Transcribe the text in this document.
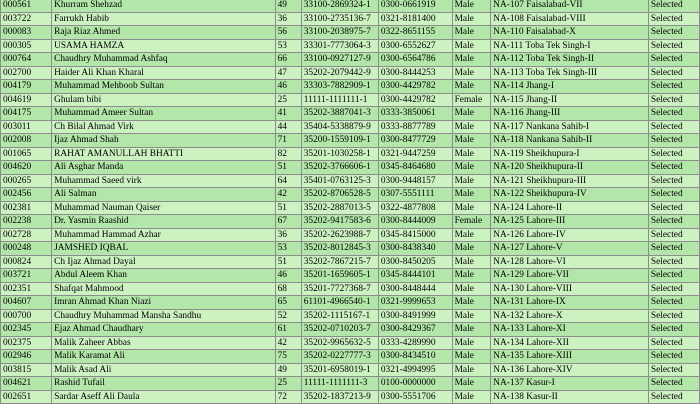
000561	Khurram Shehzad	49	33100-2869324-1	0300-0661919	Male	NA-107 Faisalabad-VII	Selected
003722	Farrukh Habib	36	33100-2735136-7	0321-8181400	Male	NA-108 Faisalabad-VIII	Selected
000083	Raja Riaz Ahmed	56	33100-2038975-7	0322-8651155	Male	NA-110 Faisalabad-X	Selected
000305	USAMA HAMZA	53	33301-7773064-3	0300-6552627	Male	NA-111 Toba Tek Singh-I	Selected
000764	Chaudhry Muhammad Ashfaq	66	33100-0927127-9	0300-6564786	Male	NA-112 Toba Tek Singh-II	Selected
002700	Haider Ali Khan Kharal	47	35202-2079442-9	0300-8444253	Male	NA-113 Toba Tek Singh-III	Selected
004179	Muhammad Mehboob Sultan	46	33303-7882909-1	0300-4429782	Male	NA-114 Jhang-I	Selected
004619	Ghulam bibi	25	11111-1111111-1	0300-4429782	Female	NA-115 Jhang-II	Selected
004175	Muhammad Ameer Sultan	41	35202-3887041-3	0333-3850061	Male	NA-116 Jhang-III	Selected
003011	Ch Bilal Ahmad Virk	44	35404-5338879-9	0333-8877789	Male	NA-117 Nankana Sahib-I	Selected
002008	Ijaz Ahmad Shah	71	35200-1559109-1	0300-8477729	Male	NA-118 Nankana Sahib-II	Selected
001065	RAHAT AMANULLAH BHATTI	82	35201-1030258-1	0321-9447259	Male	NA-119 Sheikhupura-I	Selected
004620	Ali Asghar Manda	51	35202-3766606-1	0345-8464680	Male	NA-120 Sheikhupura-II	Selected
000265	Muhammad Saeed virk	64	35401-0763125-3	0300-9448157	Male	NA-121 Sheikhupura-III	Selected
002456	Ali Salman	42	35202-8706528-5	0307-5551111	Male	NA-122 Sheikhupura-IV	Selected
002381	Muhammad Nauman Qaiser	51	35202-2887013-5	0322-4877808	Male	NA-124 Lahore-II	Selected
002238	Dr. Yasmin Raashid	67	35202-9417583-6	0300-8444009	Female	NA-125 Lahore-III	Selected
002728	Muhammad Hammad Azhar	36	35202-2623988-7	0345-8415000	Male	NA-126 Lahore-IV	Selected
000248	JAMSHED IQBAL	53	35202-8012845-3	0300-8438340	Male	NA-127 Lahore-V	Selected
000824	Ch Ijaz Ahmad Dayal	51	35202-7867215-7	0300-8450205	Male	NA-128 Lahore-VI	Selected
003721	Abdul Aleem Khan	46	35201-1659605-1	0345-8444101	Male	NA-129 Lahore-VII	Selected
002351	Shafqat Mahmood	68	35201-7727368-7	0300-8448444	Male	NA-130 Lahore-VIII	Selected
004607	Imran Ahmad Khan Niazi	65	61101-4966540-1	0321-9999653	Male	NA-131 Lahore-IX	Selected
000700	Chaudhry Muhammad Mansha Sandhu	52	35202-1115167-1	0300-8491999	Male	NA-132 Lahore-X	Selected
002345	Ejaz Ahmad Chaudhary	61	35202-0710203-7	0300-8429367	Male	NA-133 Lahore-XI	Selected
002375	Malik Zaheer Abbas	42	35202-9965632-5	0333-4289990	Male	NA-134 Lahore-XII	Selected
002946	Malik Karamat Ali	75	35202-0227777-3	0300-8434510	Male	NA-135 Lahore-XIII	Selected
003815	Malik Asad Ali	49	35201-6958019-1	0321-4994995	Male	NA-136 Lahore-XIV	Selected
004621	Rashid Tufail	25	11111-1111111-3	0100-0000000	Male	NA-137 Kasur-I	Selected
002651	Sardar Aseff Ali Daula	72	35202-1837213-9	0300-5551706	Male	NA-138 Kasur-II	Selected
